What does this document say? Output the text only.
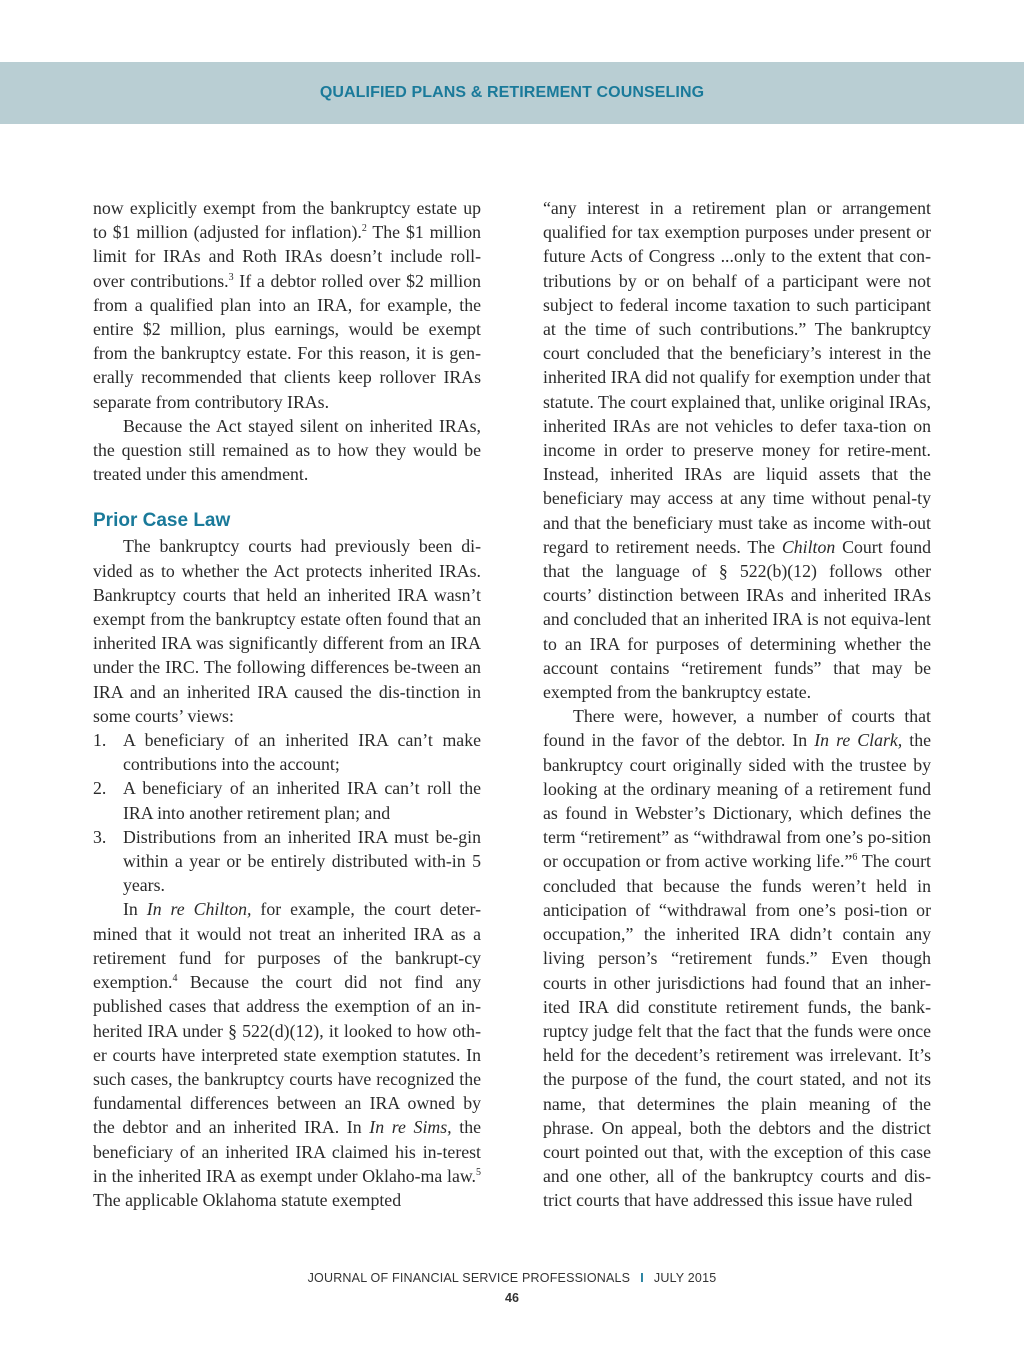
QUALIFIED PLANS & RETIREMENT COUNSELING

now explicitly exempt from the bankruptcy estate up to $1 million (adjusted for inflation).$^2$ The $1 million limit for IRAs and Roth IRAs doesn’t include roll-over contributions.$^3$ If a debtor rolled over $2 million from a qualified plan into an IRA, for example, the entire $2 million, plus earnings, would be exempt from the bankruptcy estate. For this reason, it is gen-erally recommended that clients keep rollover IRAs separate from contributory IRAs.

Because the Act stayed silent on inherited IRAs, the question still remained as to how they would be treated under this amendment.

Prior Case Law

The bankruptcy courts had previously been di-vided as to whether the Act protects inherited IRAs. Bankruptcy courts that held an inherited IRA wasn’t exempt from the bankruptcy estate often found that an inherited IRA was significantly different from an IRA under the IRC. The following differences be-tween an IRA and an inherited IRA caused the dis-tinction in some courts’ views:

1. A beneficiary of an inherited IRA can’t make contributions into the account;
2. A beneficiary of an inherited IRA can’t roll the IRA into another retirement plan; and
3. Distributions from an inherited IRA must be-gin within a year or be entirely distributed with-in 5 years.

In In re Chilton, for example, the court deter-mined that it would not treat an inherited IRA as a retirement fund for purposes of the bankrupt-cy exemption.$^4$ Because the court did not find any published cases that address the exemption of an in-herited IRA under § 522(d)(12), it looked to how oth-er courts have interpreted state exemption statutes. In such cases, the bankruptcy courts have recognized the fundamental differences between an IRA owned by the debtor and an inherited IRA. In In re Sims, the beneficiary of an inherited IRA claimed his in-terest in the inherited IRA as exempt under Oklaho-ma law.$^5$ The applicable Oklahoma statute exempted

“any interest in a retirement plan or arrangement qualified for tax exemption purposes under present or future Acts of Congress ...only to the extent that con-tributions by or on behalf of a participant were not subject to federal income taxation to such participant at the time of such contributions.” The bankruptcy court concluded that the beneficiary’s interest in the inherited IRA did not qualify for exemption under that statute. The court explained that, unlike original IRAs, inherited IRAs are not vehicles to defer taxa-tion on income in order to preserve money for retire-ment. Instead, inherited IRAs are liquid assets that the beneficiary may access at any time without penal-ty and that the beneficiary must take as income with-out regard to retirement needs. The Chilton Court found that the language of § 522(b)(12) follows other courts’ distinction between IRAs and inherited IRAs and concluded that an inherited IRA is not equiva-lent to an IRA for purposes of determining whether the account contains “retirement funds” that may be exempted from the bankruptcy estate.

There were, however, a number of courts that found in the favor of the debtor. In In re Clark, the bankruptcy court originally sided with the trustee by looking at the ordinary meaning of a retirement fund as found in Webster’s Dictionary, which defines the term “retirement” as “withdrawal from one’s po-sition or occupation or from active working life.”$^6$ The court concluded that because the funds weren’t held in anticipation of “withdrawal from one’s posi-tion or occupation,” the inherited IRA didn’t contain any living person’s “retirement funds.” Even though courts in other jurisdictions had found that an inher-ited IRA did constitute retirement funds, the bank-ruptcy judge felt that the fact that the funds were once held for the decedent’s retirement was irrelevant. It’s the purpose of the fund, the court stated, and not its name, that determines the plain meaning of the phrase. On appeal, both the debtors and the district court pointed out that, with the exception of this case and one other, all of the bankruptcy courts and dis-trict courts that have addressed this issue have ruled

JOURNAL OF FINANCIAL SERVICE PROFESSIONALS I JULY 2015
46
